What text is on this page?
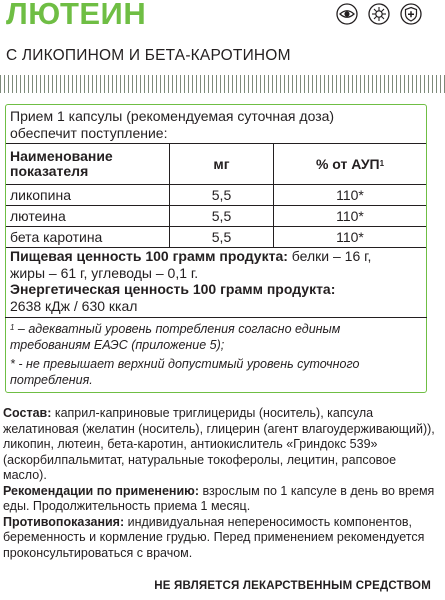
ЛЮТЕИН
С ЛИКОПИНОМ И БЕТА-КАРОТИНОМ
Прием 1 капсулы (рекомендуемая суточная доза)
обеспечит поступление:
Наименование
показателя	мг	% от АУП$^1$
ликопина	5,5	110*
лютеина	5,5	110*
бета каротина	5,5	110*
Пищевая ценность 100 грамм продукта: белки – 16 г,
жиры – 61 г, углеводы – 0,1 г.
Энергетическая ценность 100 грамм продукта:
2638 кДж / 630 ккал

$^1$ – адекватный уровень потребления согласно единым требованиям ЕАЭС (приложение 5);

* - не превышает верхний допустимый уровень суточного потребления.

Состав: каприл-каприновые триглицериды (носитель), капсула желатиновая (желатин (носитель), глицерин (агент влагоудерживающий)), ликопин, лютеин, бета-каротин, антиокислитель «Гриндокс 539» (аскорбилпальмитат, натуральные токоферолы, лецитин, рапсовое масло).

Рекомендации по применению: взрослым по 1 капсуле в день во время еды. Продолжительность приема 1 месяц.

Противопоказания: индивидуальная непереносимость компонентов, беременность и кормление грудью. Перед применением рекомендуется проконсультироваться с врачом.

НЕ ЯВЛЯЕТСЯ ЛЕКАРСТВЕННЫМ СРЕДСТВОМ
